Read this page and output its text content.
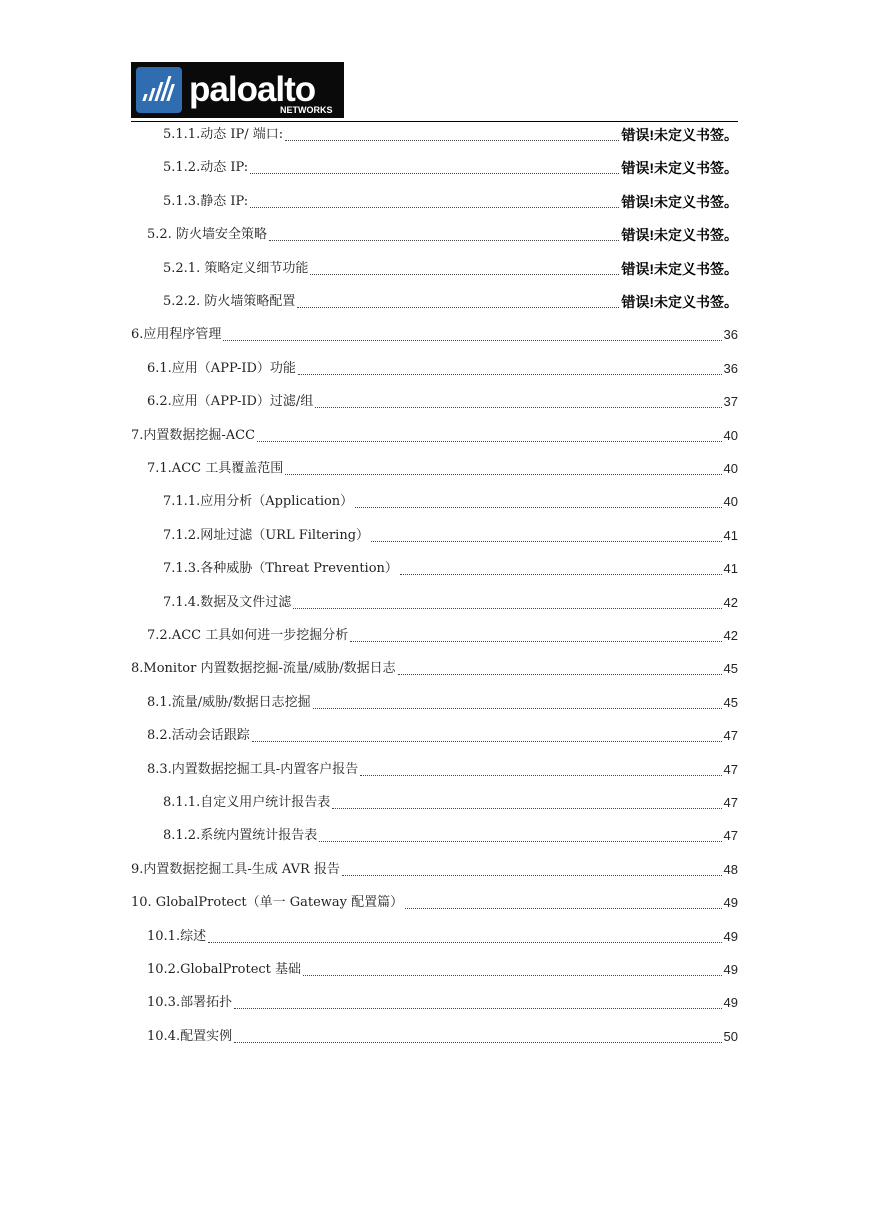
paloalto
NETWORKS
5.1.1.动态 IP/ 端口:	错误!未定义书签。
5.1.2.动态 IP:	错误!未定义书签。
5.1.3.静态 IP:	错误!未定义书签。
5.2. 防火墙安全策略	错误!未定义书签。
5.2.1. 策略定义细节功能	错误!未定义书签。
5.2.2. 防火墙策略配置	错误!未定义书签。
6.应用程序管理	36
6.1.应用（APP-ID）功能	36
6.2.应用（APP-ID）过滤/组	37
7.内置数据挖掘-ACC	40
7.1.ACC 工具覆盖范围	40
7.1.1.应用分析（Application）	40
7.1.2.网址过滤（URL Filtering）	41
7.1.3.各种威胁（Threat Prevention）	41
7.1.4.数据及文件过滤	42
7.2.ACC 工具如何进一步挖掘分析	42
8.Monitor 内置数据挖掘-流量/威胁/数据日志	45
8.1.流量/威胁/数据日志挖掘	45
8.2.活动会话跟踪	47
8.3.内置数据挖掘工具-内置客户报告	47
8.1.1.自定义用户统计报告表	47
8.1.2.系统内置统计报告表	47
9.内置数据挖掘工具-生成 AVR 报告	48
10. GlobalProtect（单一 Gateway 配置篇）	49
10.1.综述	49
10.2.GlobalProtect 基础	49
10.3.部署拓扑	49
10.4.配置实例	50
